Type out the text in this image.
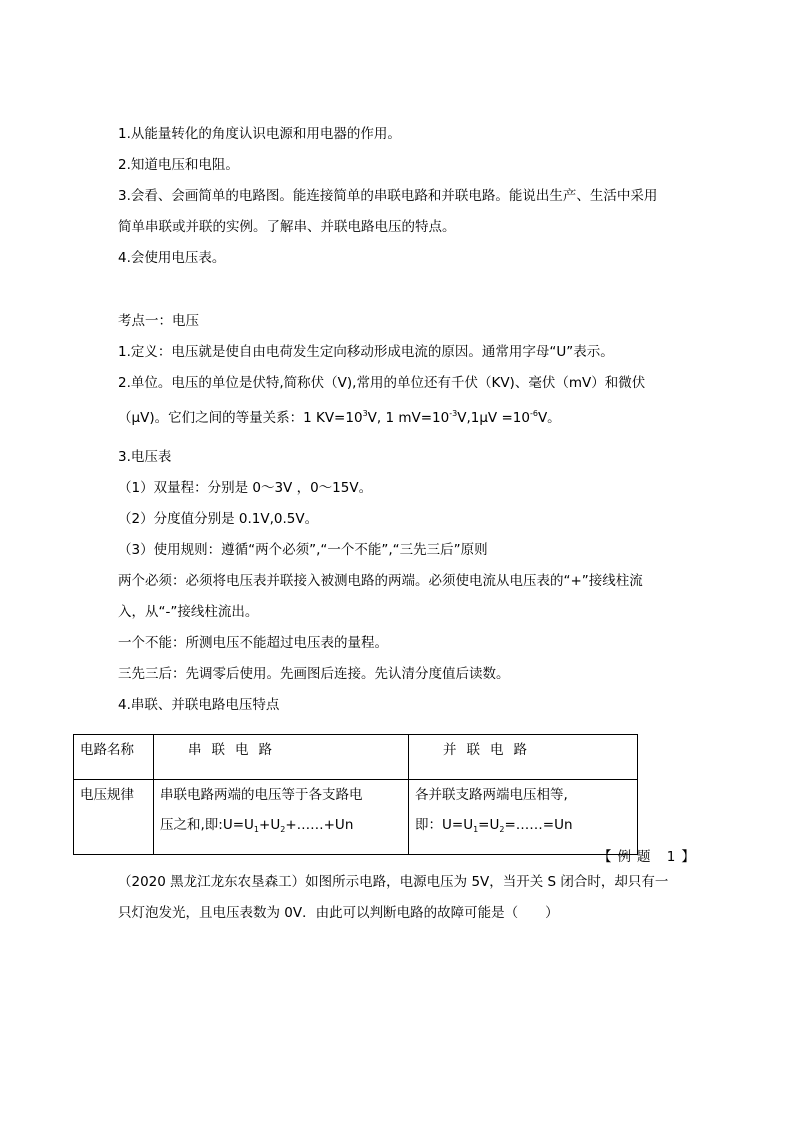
1.从能量转化的角度认识电源和用电器的作用。
2.知道电压和电阻。
3.会看、会画简单的电路图。能连接简单的串联电路和并联电路。能说出生产、生活中采用
简单串联或并联的实例。了解串、并联电路电压的特点。
4.会使用电压表。
考点一：电压
1.定义：电压就是使自由电荷发生定向移动形成电流的原因。通常用字母“U”表示。
2.单位。电压的单位是伏特,简称伏（V),常用的单位还有千伏（KV)、毫伏（mV）和微伏
（μV)。它们之间的等量关系：1 $KV=10^3V$, 1 $mV=10^{-3}V,1\mu V =10^{-6}V$。
3.电压表
（1）双量程：分别是 0～3V ，0～15V。
（2）分度值分别是 0.1V,0.5V。
（3）使用规则：遵循“两个必须”,“一个不能”,“三先三后”原则
两个必须：必须将电压表并联接入被测电路的两端。必须使电流从电压表的“+”接线柱流
入，从“-”接线柱流出。
一个不能：所测电压不能超过电压表的量程。
三先三后：先调零后使用。先画图后连接。先认清分度值后读数。
4.串联、并联电路电压特点
电路名称	串联电路	并联电路
电压规律	串联电路两端的电压等于各支路电
压之和,即$:U=U_1+U_2+\dots\dots+Un$	各并联支路两端电压相等,
即：$U=U_1=U_2=\dots\dots=Un$
【例题 1】
（2020 黑龙江龙东农垦森工）如图所示电路，电源电压为 5V，当开关 S 闭合时，却只有一
只灯泡发光，且电压表数为 0V．由此可以判断电路的故障可能是（　　）
